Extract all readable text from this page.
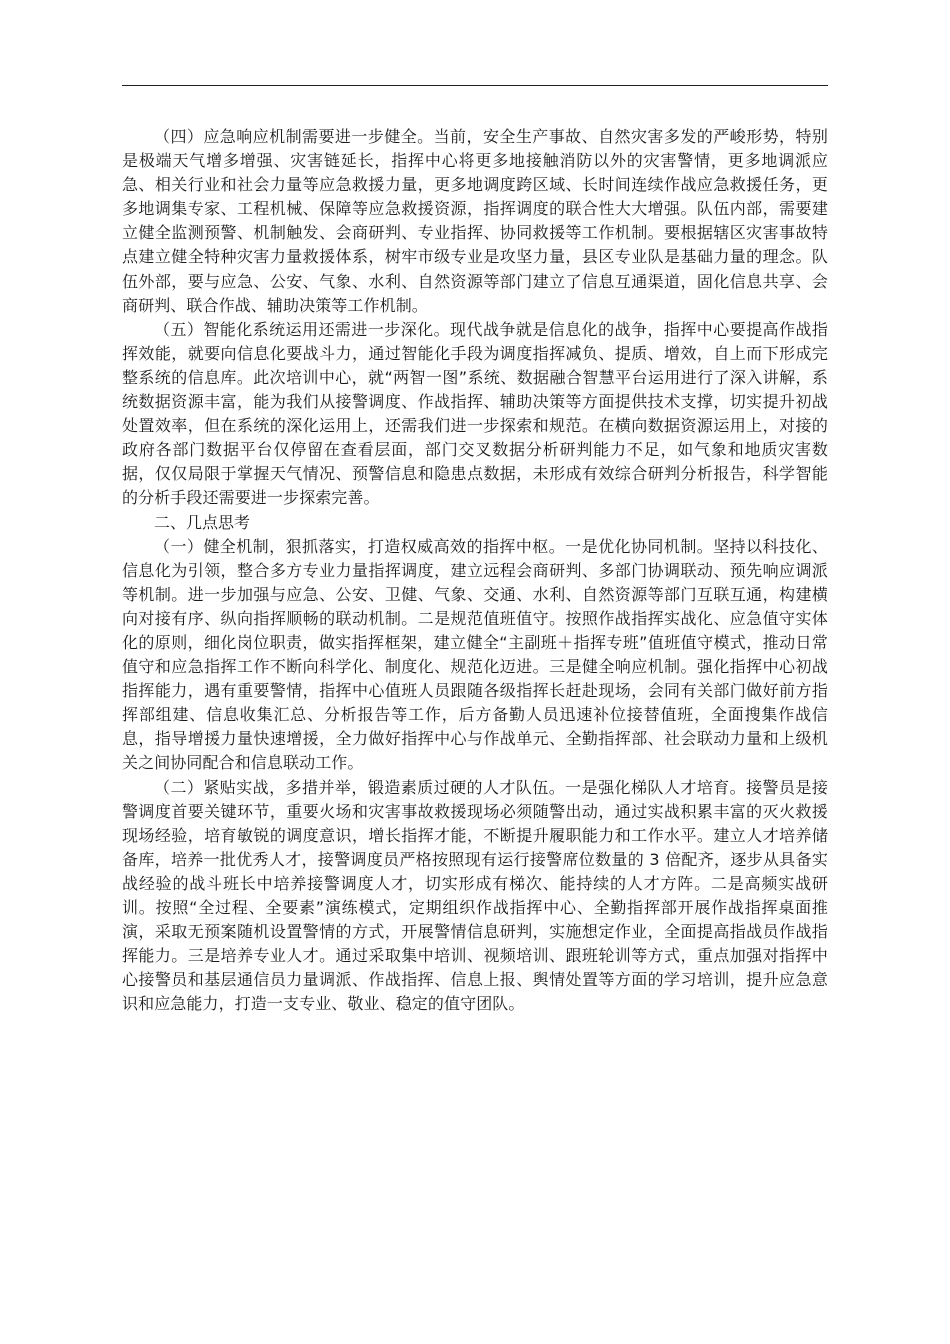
（四）应急响应机制需要进一步健全。当前，安全生产事故、自然灾害多发的严峻形势，特别是极端天气增多增强、灾害链延长，指挥中心将更多地接触消防以外的灾害警情，更多地调派应急、相关行业和社会力量等应急救援力量，更多地调度跨区域、长时间连续作战应急救援任务，更多地调集专家、工程机械、保障等应急救援资源，指挥调度的联合性大大增强。队伍内部，需要建立健全监测预警、机制触发、会商研判、专业指挥、协同救援等工作机制。要根据辖区灾害事故特点建立健全特种灾害力量救援体系，树牢市级专业是攻坚力量，县区专业队是基础力量的理念。队伍外部，要与应急、公安、气象、水利、自然资源等部门建立了信息互通渠道，固化信息共享、会商研判、联合作战、辅助决策等工作机制。

（五）智能化系统运用还需进一步深化。现代战争就是信息化的战争，指挥中心要提高作战指挥效能，就要向信息化要战斗力，通过智能化手段为调度指挥减负、提质、增效，自上而下形成完整系统的信息库。此次培训中心，就“两智一图”系统、数据融合智慧平台运用进行了深入讲解，系统数据资源丰富，能为我们从接警调度、作战指挥、辅助决策等方面提供技术支撑，切实提升初战处置效率，但在系统的深化运用上，还需我们进一步探索和规范。在横向数据资源运用上，对接的政府各部门数据平台仅停留在查看层面，部门交叉数据分析研判能力不足，如气象和地质灾害数据，仅仅局限于掌握天气情况、预警信息和隐患点数据，未形成有效综合研判分析报告，科学智能的分析手段还需要进一步探索完善。

二、几点思考

（一）健全机制，狠抓落实，打造权威高效的指挥中枢。一是优化协同机制。坚持以科技化、信息化为引领，整合多方专业力量指挥调度，建立远程会商研判、多部门协调联动、预先响应调派等机制。进一步加强与应急、公安、卫健、气象、交通、水利、自然资源等部门互联互通，构建横向对接有序、纵向指挥顺畅的联动机制。二是规范值班值守。按照作战指挥实战化、应急值守实体化的原则，细化岗位职责，做实指挥框架，建立健全“主副班＋指挥专班”值班值守模式，推动日常值守和应急指挥工作不断向科学化、制度化、规范化迈进。三是健全响应机制。强化指挥中心初战指挥能力，遇有重要警情，指挥中心值班人员跟随各级指挥长赶赴现场，会同有关部门做好前方指挥部组建、信息收集汇总、分析报告等工作，后方备勤人员迅速补位接替值班，全面搜集作战信息，指导增援力量快速增援，全力做好指挥中心与作战单元、全勤指挥部、社会联动力量和上级机关之间协同配合和信息联动工作。

（二）紧贴实战，多措并举，锻造素质过硬的人才队伍。一是强化梯队人才培育。接警员是接警调度首要关键环节，重要火场和灾害事故救援现场必须随警出动，通过实战积累丰富的灭火救援现场经验，培育敏锐的调度意识，增长指挥才能，不断提升履职能力和工作水平。建立人才培养储备库，培养一批优秀人才，接警调度员严格按照现有运行接警席位数量的 3 倍配齐，逐步从具备实战经验的战斗班长中培养接警调度人才，切实形成有梯次、能持续的人才方阵。二是高频实战研训。按照“全过程、全要素”演练模式，定期组织作战指挥中心、全勤指挥部开展作战指挥桌面推演，采取无预案随机设置警情的方式，开展警情信息研判，实施想定作业，全面提高指战员作战指挥能力。三是培养专业人才。通过采取集中培训、视频培训、跟班轮训等方式，重点加强对指挥中心接警员和基层通信员力量调派、作战指挥、信息上报、舆情处置等方面的学习培训，提升应急意识和应急能力，打造一支专业、敬业、稳定的值守团队。
